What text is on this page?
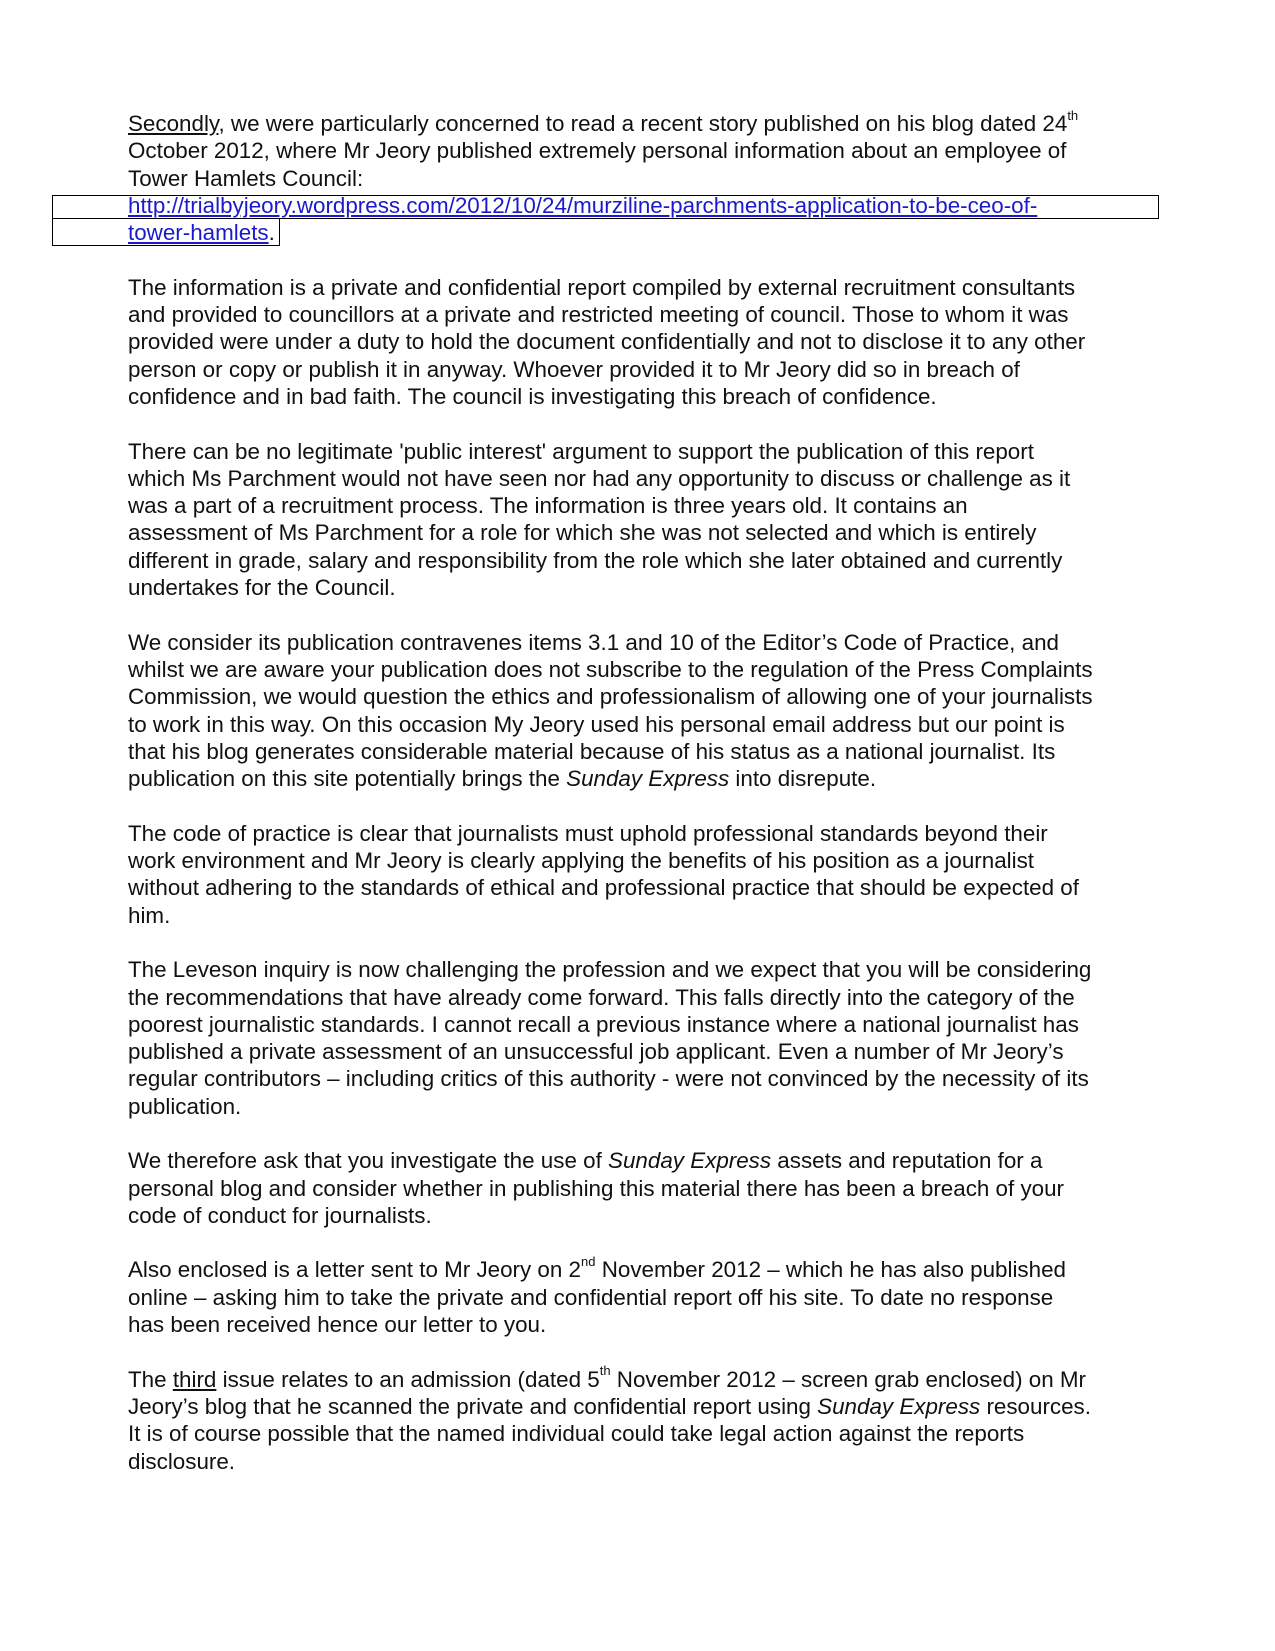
Secondly, we were particularly concerned to read a recent story published on his blog dated 24th
October 2012, where Mr Jeory published extremely personal information about an employee of
Tower Hamlets Council:
http://trialbyjeory.wordpress.com/2012/10/24/murziline-parchments-application-to-be-ceo-of-
tower-hamlets.
The information is a private and confidential report compiled by external recruitment consultants
and provided to councillors at a private and restricted meeting of council. Those to whom it was
provided were under a duty to hold the document confidentially and not to disclose it to any other
person or copy or publish it in anyway. Whoever provided it to Mr Jeory did so in breach of
confidence and in bad faith. The council is investigating this breach of confidence.
There can be no legitimate 'public interest' argument to support the publication of this report
which Ms Parchment would not have seen nor had any opportunity to discuss or challenge as it
was a part of a recruitment process. The information is three years old. It contains an
assessment of Ms Parchment for a role for which she was not selected and which is entirely
different in grade, salary and responsibility from the role which she later obtained and currently
undertakes for the Council.
We consider its publication contravenes items 3.1 and 10 of the Editor’s Code of Practice, and
whilst we are aware your publication does not subscribe to the regulation of the Press Complaints
Commission, we would question the ethics and professionalism of allowing one of your journalists
to work in this way. On this occasion My Jeory used his personal email address but our point is
that his blog generates considerable material because of his status as a national journalist. Its
publication on this site potentially brings the Sunday Express into disrepute.
The code of practice is clear that journalists must uphold professional standards beyond their
work environment and Mr Jeory is clearly applying the benefits of his position as a journalist
without adhering to the standards of ethical and professional practice that should be expected of
him.
The Leveson inquiry is now challenging the profession and we expect that you will be considering
the recommendations that have already come forward. This falls directly into the category of the
poorest journalistic standards. I cannot recall a previous instance where a national journalist has
published a private assessment of an unsuccessful job applicant. Even a number of Mr Jeory’s
regular contributors – including critics of this authority - were not convinced by the necessity of its
publication.
We therefore ask that you investigate the use of Sunday Express assets and reputation for a
personal blog and consider whether in publishing this material there has been a breach of your
code of conduct for journalists.
Also enclosed is a letter sent to Mr Jeory on 2nd November 2012 – which he has also published
online – asking him to take the private and confidential report off his site. To date no response
has been received hence our letter to you.
The third issue relates to an admission (dated 5th November 2012 – screen grab enclosed) on Mr
Jeory’s blog that he scanned the private and confidential report using Sunday Express resources.
It is of course possible that the named individual could take legal action against the reports
disclosure.
